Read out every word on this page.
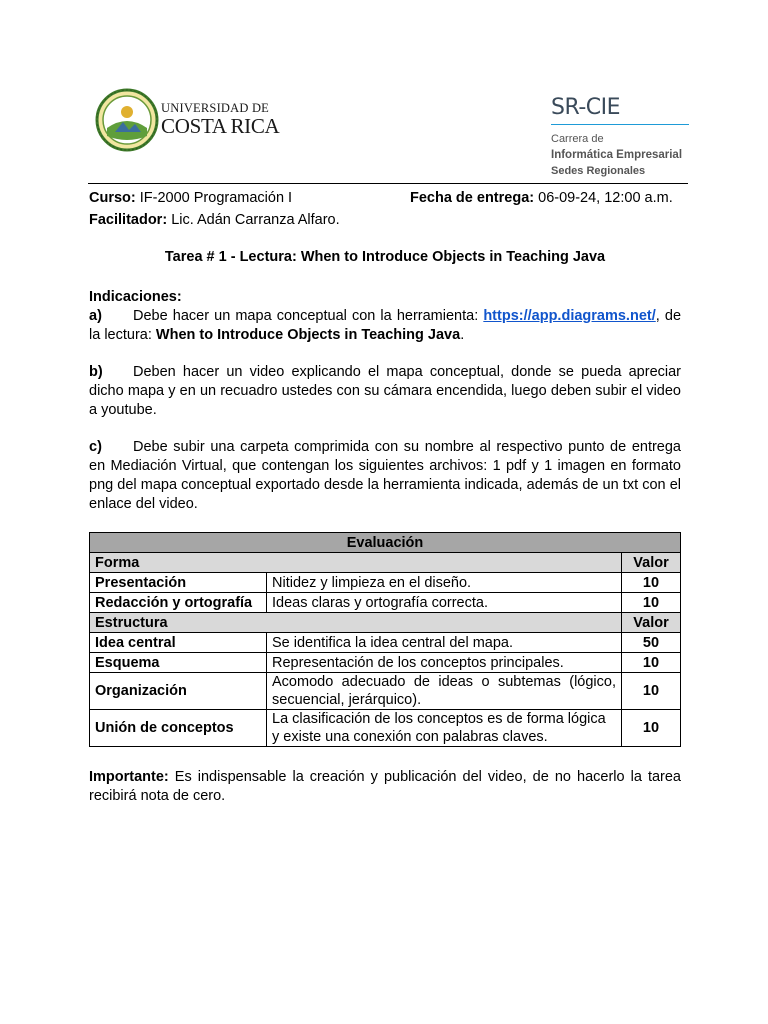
UNIVERSIDAD DE
COSTA RICA
SR-CIE
Carrera de
Informática Empresarial
Sedes Regionales
Curso: IF-2000 Programación I	Fecha de entrega: 06-09-24, 12:00 a.m.
Facilitador: Lic. Adán Carranza Alfaro.
Tarea # 1 - Lectura: When to Introduce Objects in Teaching Java
Indicaciones:
a) Debe hacer un mapa conceptual con la herramienta: https://app.diagrams.net/, de la lectura: When to Introduce Objects in Teaching Java.
b) Deben hacer un video explicando el mapa conceptual, donde se pueda apreciar dicho mapa y en un recuadro ustedes con su cámara encendida, luego deben subir el video a youtube.
c) Debe subir una carpeta comprimida con su nombre al respectivo punto de entrega en Mediación Virtual, que contengan los siguientes archivos: 1 pdf y 1 imagen en formato png del mapa conceptual exportado desde la herramienta indicada, además de un txt con el enlace del video.
Evaluación		
Forma		Valor
Presentación	Nitidez y limpieza en el diseño.	10
Redacción y ortografía	Ideas claras y ortografía correcta.	10
Estructura		Valor
Idea central	Se identifica la idea central del mapa.	50
Esquema	Representación de los conceptos principales.	10
Organización	Acomodo adecuado de ideas o subtemas (lógico, secuencial, jerárquico).	10
Unión de conceptos	La clasificación de los conceptos es de forma lógica y existe una conexión con palabras claves.	10
Importante: Es indispensable la creación y publicación del video, de no hacerlo la tarea recibirá nota de cero.
